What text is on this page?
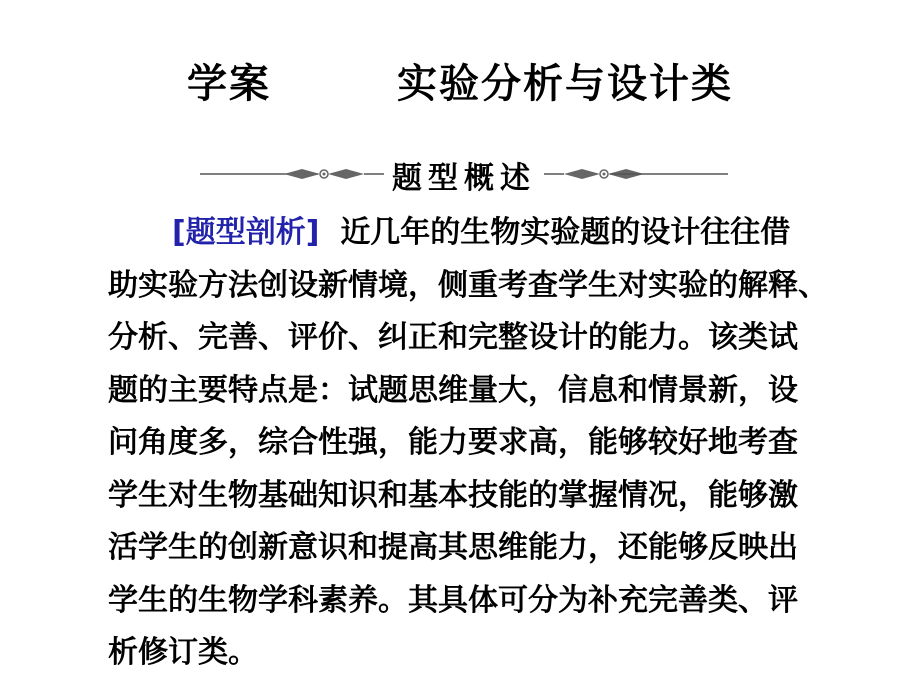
学案　　　实验分析与设计类
题型概述
[题型剖析] 近几年的生物实验题的设计往往借
助实验方法创设新情境，侧重考查学生对实验的解释、
分析、完善、评价、纠正和完整设计的能力。该类试
题的主要特点是：试题思维量大，信息和情景新，设
问角度多，综合性强，能力要求高，能够较好地考查
学生对生物基础知识和基本技能的掌握情况，能够激
活学生的创新意识和提高其思维能力，还能够反映出
学生的生物学科素养。其具体可分为补充完善类、评
析修订类。
